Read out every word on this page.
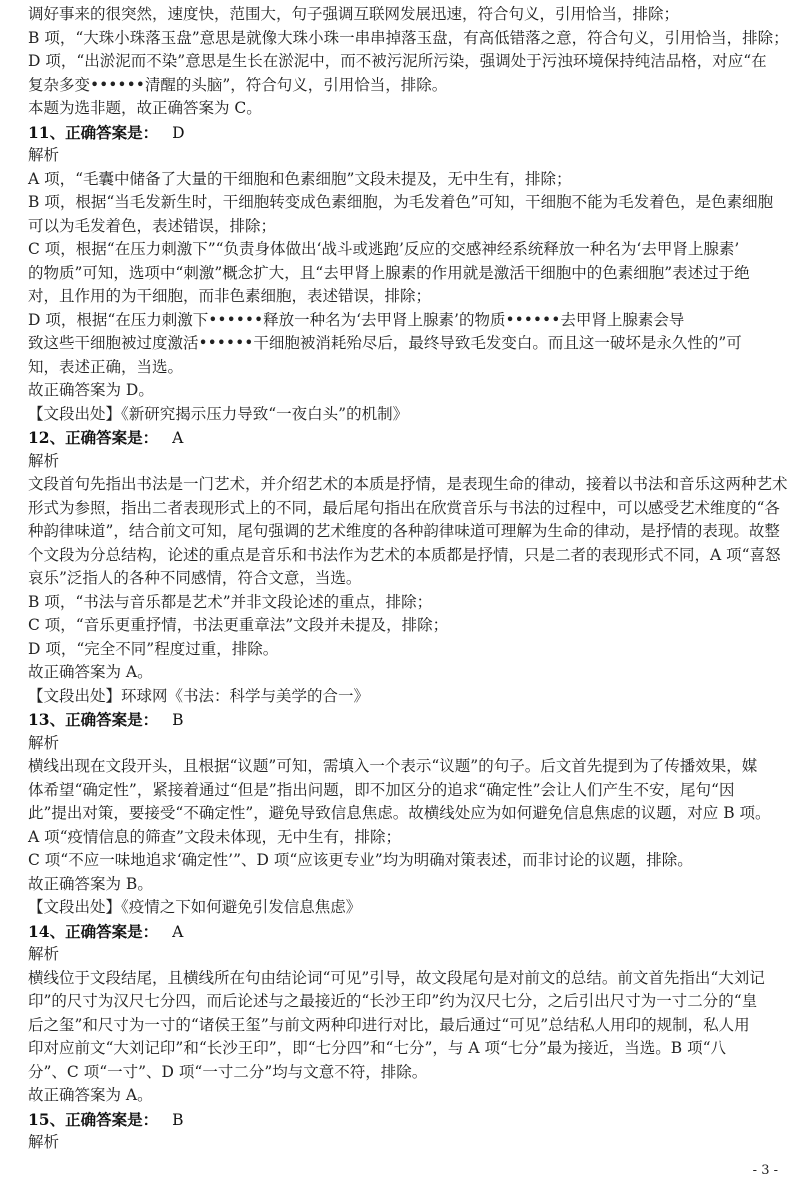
调好事来的很突然，速度快，范围大，句子强调互联网发展迅速，符合句义，引用恰当，排除；
B 项，“大珠小珠落玉盘”意思是就像大珠小珠一串串掉落玉盘，有高低错落之意，符合句义，引用恰当，排除；
D 项，“出淤泥而不染”意思是生长在淤泥中，而不被污泥所污染，强调处于污浊环境保持纯洁品格，对应“在
复杂多变••••••清醒的头脑”，符合句义，引用恰当，排除。
本题为选非题，故正确答案为 C。
11、正确答案是： D
解析
A 项，“毛囊中储备了大量的干细胞和色素细胞”文段未提及，无中生有，排除；
B 项，根据“当毛发新生时，干细胞转变成色素细胞，为毛发着色”可知，干细胞不能为毛发着色，是色素细胞
可以为毛发着色，表述错误，排除；
C 项，根据“在压力刺激下”“负责身体做出‘战斗或逃跑’反应的交感神经系统释放一种名为‘去甲肾上腺素’
的物质”可知，选项中“刺激”概念扩大，且“去甲肾上腺素的作用就是激活干细胞中的色素细胞”表述过于绝
对，且作用的为干细胞，而非色素细胞，表述错误，排除；
D 项，根据“在压力刺激下••••••释放一种名为‘去甲肾上腺素’的物质••••••去甲肾上腺素会导
致这些干细胞被过度激活••••••干细胞被消耗殆尽后，最终导致毛发变白。而且这一破坏是永久性的”可
知，表述正确，当选。
故正确答案为 D。
【文段出处】《新研究揭示压力导致“一夜白头”的机制》
12、正确答案是： A
解析
文段首句先指出书法是一门艺术，并介绍艺术的本质是抒情，是表现生命的律动，接着以书法和音乐这两种艺术
形式为参照，指出二者表现形式上的不同，最后尾句指出在欣赏音乐与书法的过程中，可以感受艺术维度的“各
种韵律味道”，结合前文可知，尾句强调的艺术维度的各种韵律味道可理解为生命的律动，是抒情的表现。故整
个文段为分总结构，论述的重点是音乐和书法作为艺术的本质都是抒情，只是二者的表现形式不同，A 项“喜怒
哀乐”泛指人的各种不同感情，符合文意，当选。
B 项，“书法与音乐都是艺术”并非文段论述的重点，排除；
C 项，“音乐更重抒情，书法更重章法”文段并未提及，排除；
D 项，“完全不同”程度过重，排除。
故正确答案为 A。
【文段出处】环球网《书法：科学与美学的合一》
13、正确答案是： B
解析
横线出现在文段开头，且根据“议题”可知，需填入一个表示“议题”的句子。后文首先提到为了传播效果，媒
体希望“确定性”，紧接着通过“但是”指出问题，即不加区分的追求“确定性”会让人们产生不安，尾句“因
此”提出对策，要接受“不确定性”，避免导致信息焦虑。故横线处应为如何避免信息焦虑的议题，对应 B 项。
A 项“疫情信息的筛查”文段未体现，无中生有，排除；
C 项“不应一味地追求‘确定性’”、D 项“应该更专业”均为明确对策表述，而非讨论的议题，排除。
故正确答案为 B。
【文段出处】《疫情之下如何避免引发信息焦虑》
14、正确答案是： A
解析
横线位于文段结尾，且横线所在句由结论词“可见”引导，故文段尾句是对前文的总结。前文首先指出“大刘记
印”的尺寸为汉尺七分四，而后论述与之最接近的“长沙王印”约为汉尺七分，之后引出尺寸为一寸二分的“皇
后之玺”和尺寸为一寸的“诸侯王玺”与前文两种印进行对比，最后通过“可见”总结私人用印的规制，私人用
印对应前文“大刘记印”和“长沙王印”，即“七分四”和“七分”，与 A 项“七分”最为接近，当选。B 项“八
分”、C 项“一寸”、D 项“一寸二分”均与文意不符，排除。
故正确答案为 A。
15、正确答案是： B
解析
- 3 -
